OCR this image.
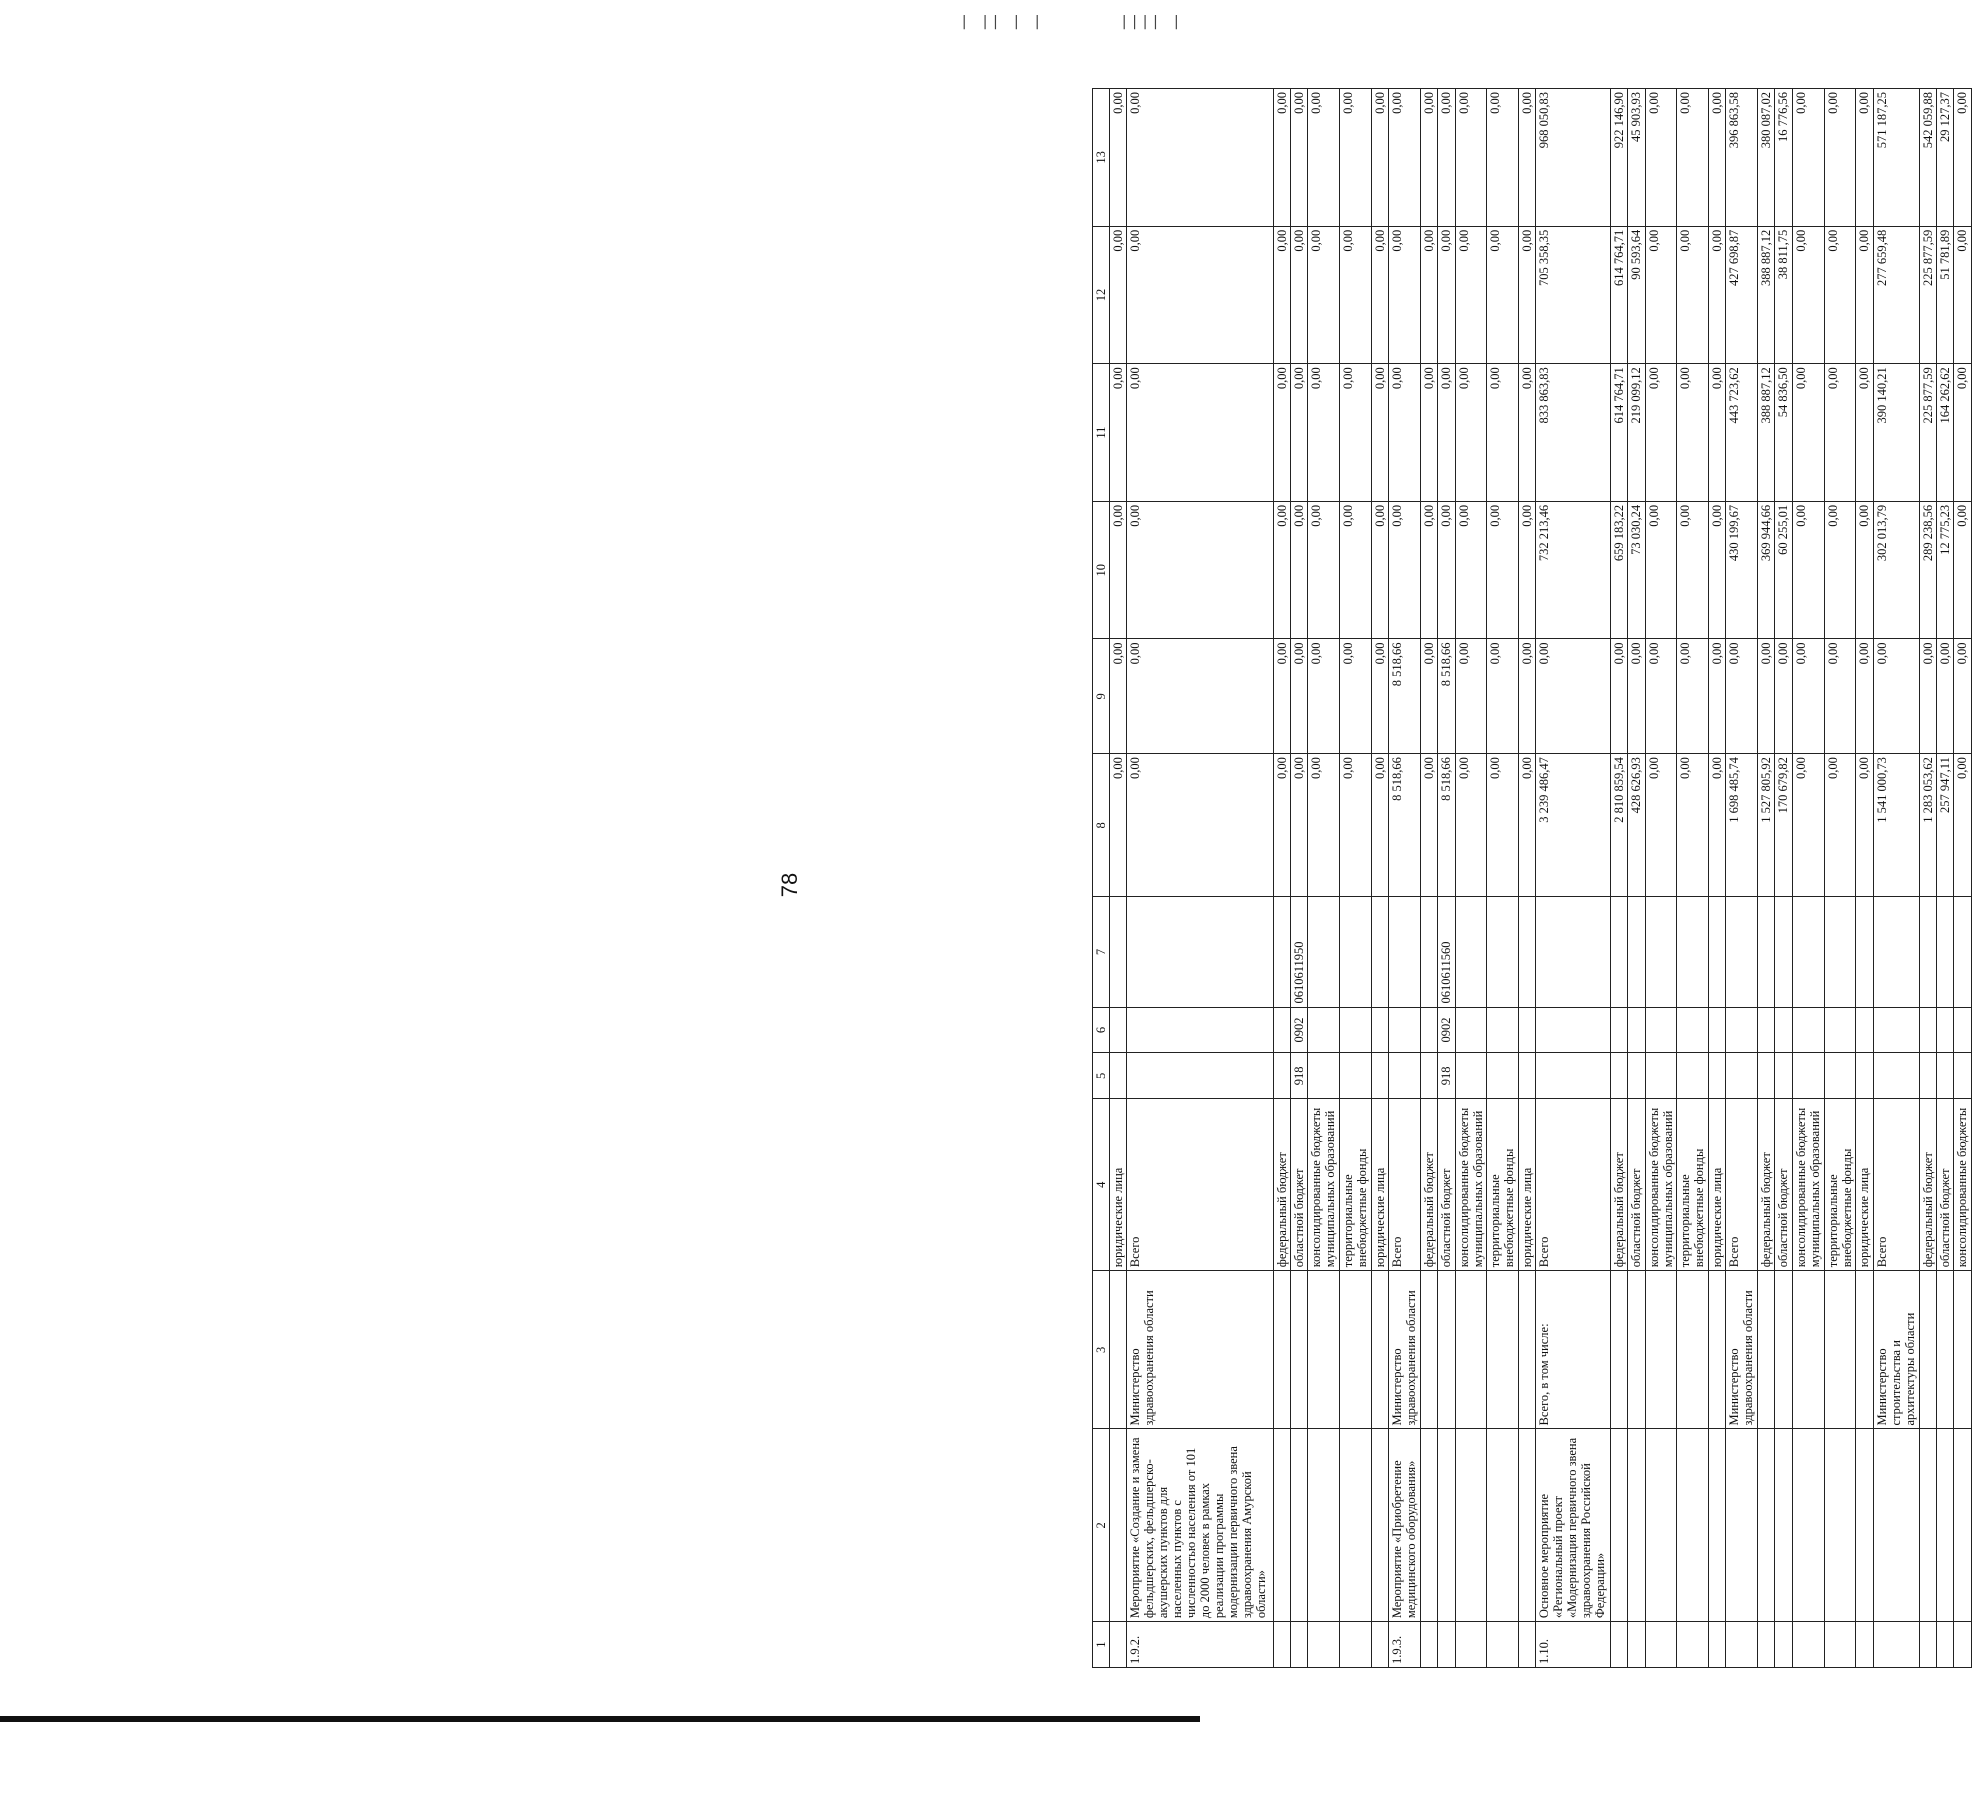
| || | |	|||| |
78
1	2	3	4	5	6	7	8	9	10	11	12	13
			юридические лица				0,00	0,00	0,00	0,00	0,00	0,00
1.9.2.	Мероприятие «Создание и замена фельдшерских, фельдшерско-акушерских пунктов для населенных пунктов с численностью населения от 101 до 2000 человек в рамках реализации программы модернизации первичного звена здравоохранения Амурской области»	Министерство здравоохранения области	Всего				0,00	0,00	0,00	0,00	0,00	0,00
			федеральный бюджет				0,00	0,00	0,00	0,00	0,00	0,00
			областной бюджет	918	0902	0610611950	0,00	0,00	0,00	0,00	0,00	0,00
			консолидированные бюджеты муниципальных образований				0,00	0,00	0,00	0,00	0,00	0,00
			территориальные внебюджетные фонды				0,00	0,00	0,00	0,00	0,00	0,00
			юридические лица				0,00	0,00	0,00	0,00	0,00	0,00
1.9.3.	Мероприятие «Приобретение медицинского оборудования»	Министерство здравоохранения области	Всего				8 518,66	8 518,66	0,00	0,00	0,00	0,00
			федеральный бюджет				0,00	0,00	0,00	0,00	0,00	0,00
			областной бюджет	918	0902	0610611560	8 518,66	8 518,66	0,00	0,00	0,00	0,00
			консолидированные бюджеты муниципальных образований				0,00	0,00	0,00	0,00	0,00	0,00
			территориальные внебюджетные фонды				0,00	0,00	0,00	0,00	0,00	0,00
			юридические лица				0,00	0,00	0,00	0,00	0,00	0,00
1.10.	Основное мероприятие «Региональный проект «Модернизация первичного звена здравоохранения Российской Федерации»	Всего, в том числе:	Всего				3 239 486,47	0,00	732 213,46	833 863,83	705 358,35	968 050,83
			федеральный бюджет				2 810 859,54	0,00	659 183,22	614 764,71	614 764,71	922 146,90
			областной бюджет				428 626,93	0,00	73 030,24	219 099,12	90 593,64	45 903,93
			консолидированные бюджеты муниципальных образований				0,00	0,00	0,00	0,00	0,00	0,00
			территориальные внебюджетные фонды				0,00	0,00	0,00	0,00	0,00	0,00
			юридические лица				0,00	0,00	0,00	0,00	0,00	0,00
		Министерство здравоохранения области	Всего				1 698 485,74	0,00	430 199,67	443 723,62	427 698,87	396 863,58
			федеральный бюджет				1 527 805,92	0,00	369 944,66	388 887,12	388 887,12	380 087,02
			областной бюджет				170 679,82	0,00	60 255,01	54 836,50	38 811,75	16 776,56
			консолидированные бюджеты муниципальных образований				0,00	0,00	0,00	0,00	0,00	0,00
			территориальные внебюджетные фонды				0,00	0,00	0,00	0,00	0,00	0,00
			юридические лица				0,00	0,00	0,00	0,00	0,00	0,00
		Министерство строительства и архитектуры области	Всего				1 541 000,73	0,00	302 013,79	390 140,21	277 659,48	571 187,25
			федеральный бюджет				1 283 053,62	0,00	289 238,56	225 877,59	225 877,59	542 059,88
			областной бюджет				257 947,11	0,00	12 775,23	164 262,62	51 781,89	29 127,37
			консолидированные бюджеты				0,00	0,00	0,00	0,00	0,00	0,00
